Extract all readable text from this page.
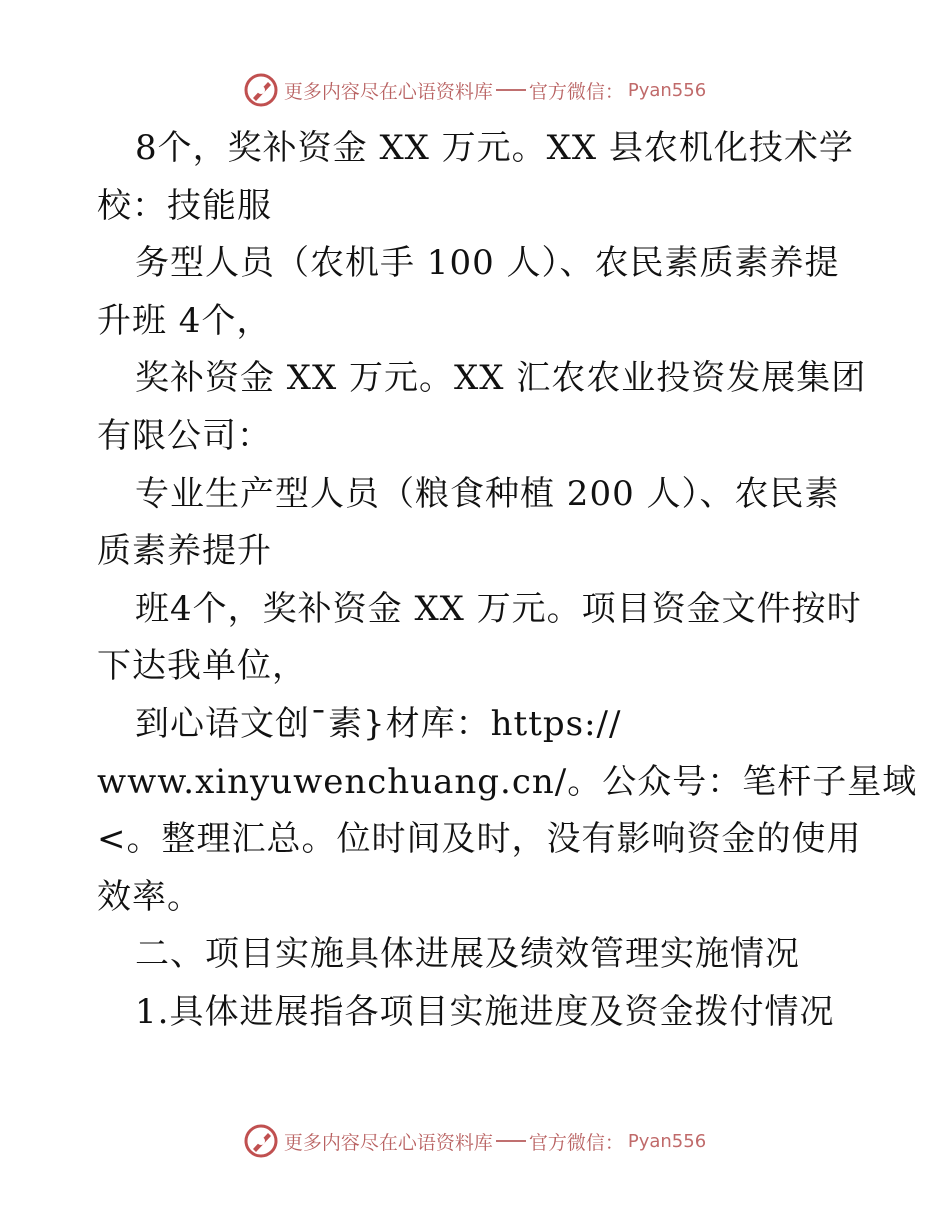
更多内容尽在心语资料库 官方微信： Pyan556
8个，奖补资金 XX 万元。XX 县农机化技术学
校：技能服
务型人员（农机手 100 人）、农民素质素养提
升班 4个，
奖补资金 XX 万元。XX 汇农农业投资发展集团
有限公司：
专业生产型人员（粮食种植 200 人）、农民素
质素养提升
班4个，奖补资金 XX 万元。项目资金文件按时
下达我单位，
到心语文创¯素}材库：https://
www.xinyuwenchuang.cn/。公众号：笔杆子星域
<。整理汇总。位时间及时，没有影响资金的使用
效率。
二、项目实施具体进展及绩效管理实施情况
1.具体进展指各项目实施进度及资金拨付情况
更多内容尽在心语资料库 官方微信： Pyan556
